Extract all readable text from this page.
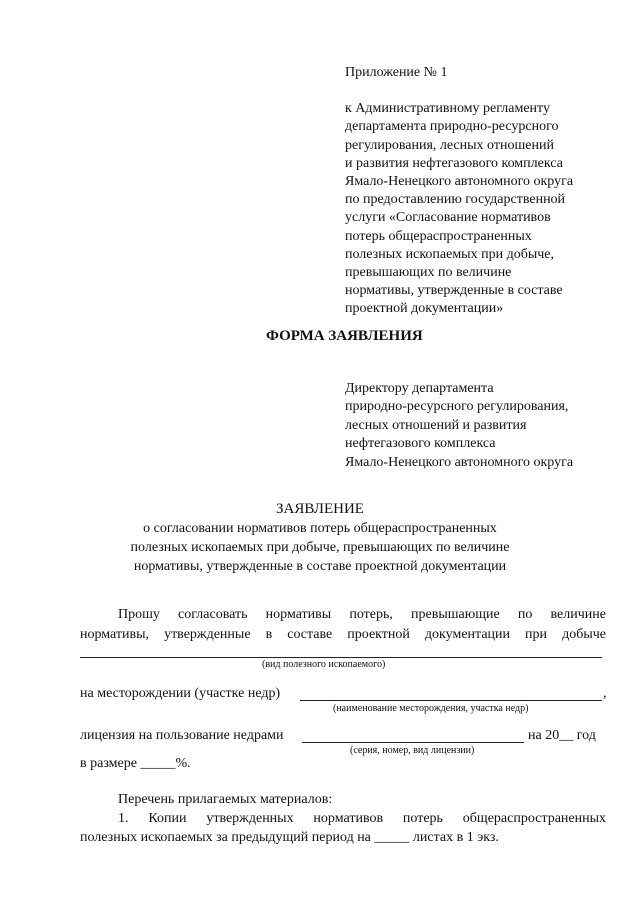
Приложение № 1
к Административному регламенту
департамента природно-ресурсного
регулирования, лесных отношений
и развития нефтегазового комплекса
Ямало-Ненецкого автономного округа
по предоставлению государственной
услуги «Согласование нормативов
потерь общераспространенных
полезных ископаемых при добыче,
превышающих по величине
нормативы, утвержденные в составе
проектной документации»
ФОРМА ЗАЯВЛЕНИЯ
Директору департамента
природно-ресурсного регулирования,
лесных отношений и развития
нефтегазового комплекса
Ямало-Ненецкого автономного округа
ЗАЯВЛЕНИЕ
о согласовании нормативов потерь общераспространенных
полезных ископаемых при добыче, превышающих по величине
нормативы, утвержденные в составе проектной документации
Прошу согласовать нормативы потерь, превышающие по величине
нормативы, утвержденные в составе проектной документации при добыче
(вид полезного ископаемого)
на месторождении (участке недр)	,
(наименование месторождения, участка недр)
лицензия на пользование недрами	на 20__ год
(серия, номер, вид лицензии)
в размере _____%.
Перечень прилагаемых материалов:
1. Копии утвержденных нормативов потерь общераспространенных
полезных ископаемых за предыдущий период на _____ листах в 1 экз.
